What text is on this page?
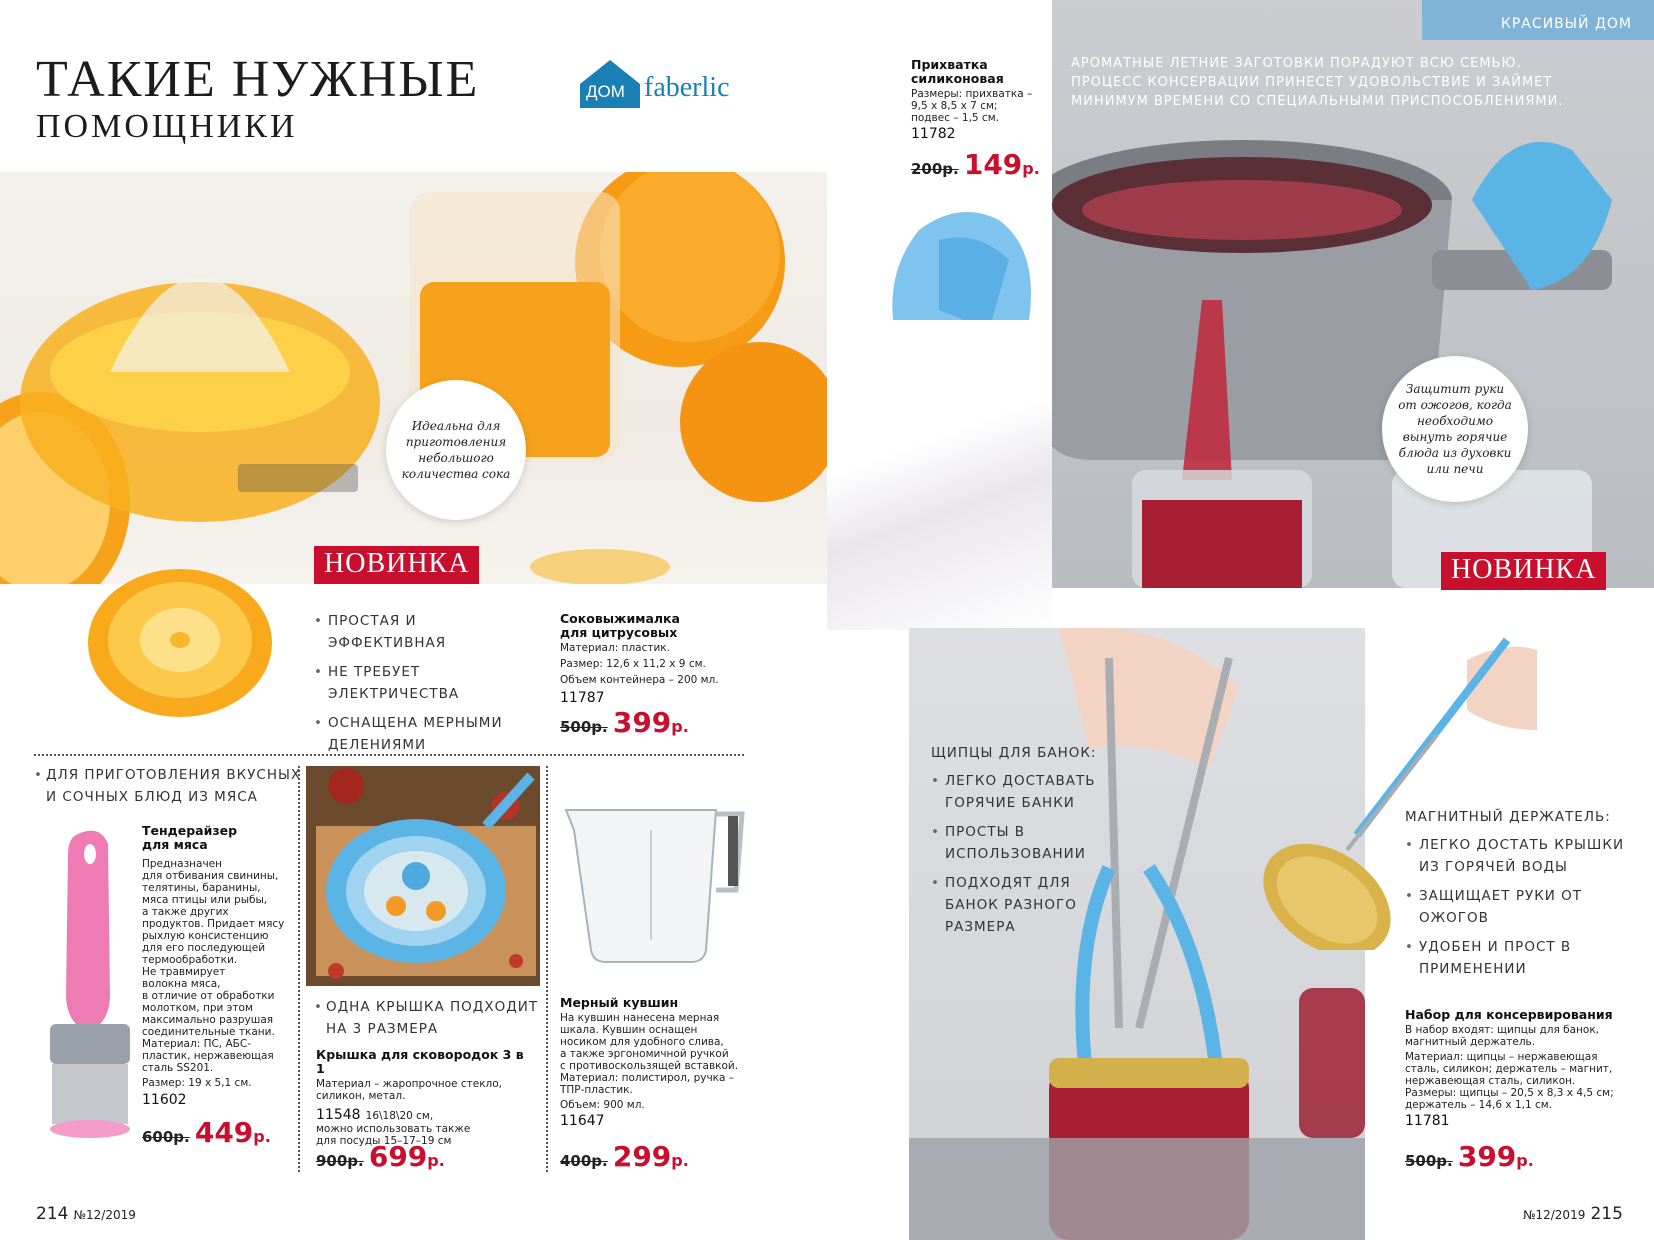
ТАКИЕ НУЖНЫЕ
ПОМОЩНИКИ
ДОМ faberlic
Идеальна для приготовления небольшого количества сока
НОВИНКА
• ПРОСТАЯ И ЭФФЕКТИВНАЯ
• НЕ ТРЕБУЕТ ЭЛЕКТРИЧЕСТВА
• ОСНАЩЕНА МЕРНЫМИ ДЕЛЕНИЯМИ
Соковыжималка
для цитрусовых
Материал: пластик.
Размер: 12,6 x 11,2 x 9 см.
Объем контейнера – 200 мл.
11787
500р. 399р.
• ДЛЯ ПРИГОТОВЛЕНИЯ ВКУСНЫХ И СОЧНЫХ БЛЮД ИЗ МЯСА
Тендерайзер
для мяса
Предназначен
для отбивания свинины,
телятины, баранины,
мяса птицы или рыбы,
а также других
продуктов. Придает мясу
рыхлую консистенцию
для его последующей
термообработки.
Не травмирует
волокна мяса,
в отличие от обработки
молотком, при этом
максимально разрушая
соединительные ткани.
Материал: ПС, АБС-
пластик, нержавеющая
сталь SS201.
Размер: 19 x 5,1 см.
11602
600р. 449р.
• ОДНА КРЫШКА ПОДХОДИТ НА 3 РАЗМЕРА
Крышка для сковородок 3 в 1
Материал – жаропрочное стекло,
силикон, метал.
11548 16\18\20 см,
можно использовать также
для посуды 15–17–19 см
900р. 699р.
Мерный кувшин
На кувшин нанесена мерная
шкала. Кувшин оснащен
носиком для удобного слива,
а также эргономичной ручкой
с противоскользящей вставкой.
Материал: полистирол, ручка –
ТПР-пластик.
Объем: 900 мл.
11647
400р. 299р.
214 №12/2019
КРАСИВЫЙ ДОМ
АРОМАТНЫЕ ЛЕТНИЕ ЗАГОТОВКИ ПОРАДУЮТ ВСЮ СЕМЬЮ.
ПРОЦЕСС КОНСЕРВАЦИИ ПРИНЕСЕТ УДОВОЛЬСТВИЕ И ЗАЙМЕТ
МИНИМУМ ВРЕМЕНИ СО СПЕЦИАЛЬНЫМИ ПРИСПОСОБЛЕНИЯМИ.
Прихватка
силиконовая
Размеры: прихватка –
9,5 x 8,5 x 7 см;
подвес – 1,5 см.
11782
200р. 149р.
Защитит руки от ожогов, когда необходимо вынуть горячие блюда из духовки или печи
НОВИНКА
ЩИПЦЫ ДЛЯ БАНОК:
• ЛЕГКО ДОСТАВАТЬ ГОРЯЧИЕ БАНКИ
• ПРОСТЫ В ИСПОЛЬЗОВАНИИ
• ПОДХОДЯТ ДЛЯ БАНОК РАЗНОГО РАЗМЕРА
МАГНИТНЫЙ ДЕРЖАТЕЛЬ:
• ЛЕГКО ДОСТАТЬ КРЫШКИ ИЗ ГОРЯЧЕЙ ВОДЫ
• ЗАЩИЩАЕТ РУКИ ОТ ОЖОГОВ
• УДОБЕН И ПРОСТ В ПРИМЕНЕНИИ
Набор для консервирования
В набор входят: щипцы для банок,
магнитный держатель.
Материал: щипцы – нержавеющая
сталь, силикон; держатель – магнит,
нержавеющая сталь, силикон.
Размеры: щипцы – 20,5 x 8,3 x 4,5 см;
держатель – 14,6 x 1,1 см.
11781
500р. 399р.
№12/2019 215
